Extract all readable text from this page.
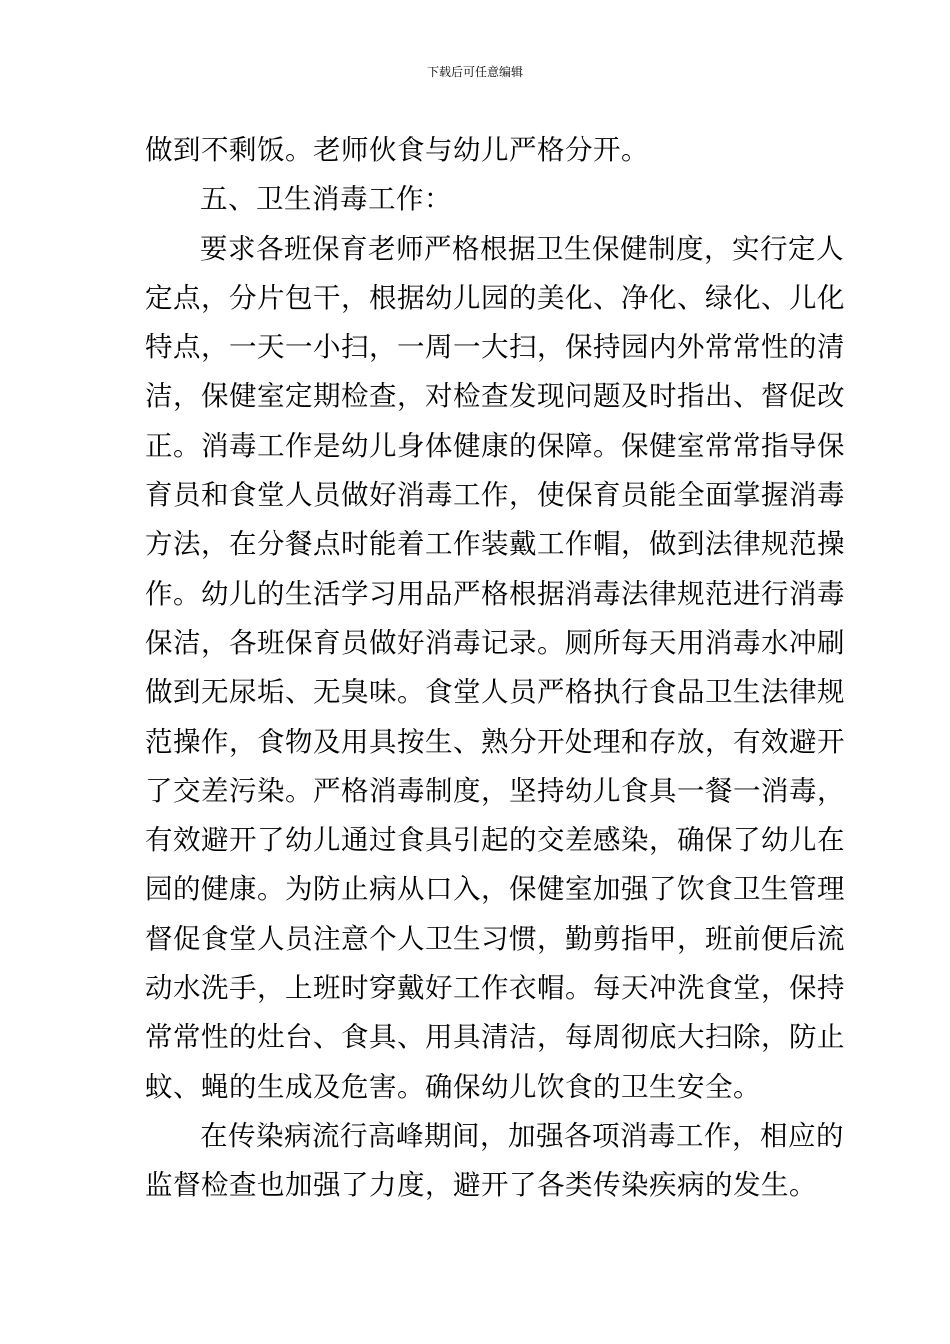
下载后可任意编辑
做到不剩饭。老师伙食与幼儿严格分开。
五、卫生消毒工作：
要求各班保育老师严格根据卫生保健制度，实行定人
定点，分片包干，根据幼儿园的美化、净化、绿化、儿化
特点，一天一小扫，一周一大扫，保持园内外常常性的清
洁，保健室定期检查，对检查发现问题及时指出、督促改
正。消毒工作是幼儿身体健康的保障。保健室常常指导保
育员和食堂人员做好消毒工作，使保育员能全面掌握消毒
方法，在分餐点时能着工作装戴工作帽，做到法律规范操
作。幼儿的生活学习用品严格根据消毒法律规范进行消毒
保洁，各班保育员做好消毒记录。厕所每天用消毒水冲刷
做到无尿垢、无臭味。食堂人员严格执行食品卫生法律规
范操作，食物及用具按生、熟分开处理和存放，有效避开
了交差污染。严格消毒制度，坚持幼儿食具一餐一消毒，
有效避开了幼儿通过食具引起的交差感染，确保了幼儿在
园的健康。为防止病从口入，保健室加强了饮食卫生管理
督促食堂人员注意个人卫生习惯，勤剪指甲，班前便后流
动水洗手，上班时穿戴好工作衣帽。每天冲洗食堂，保持
常常性的灶台、食具、用具清洁，每周彻底大扫除，防止
蚊、蝇的生成及危害。确保幼儿饮食的卫生安全。
在传染病流行高峰期间，加强各项消毒工作，相应的
监督检查也加强了力度，避开了各类传染疾病的发生。
